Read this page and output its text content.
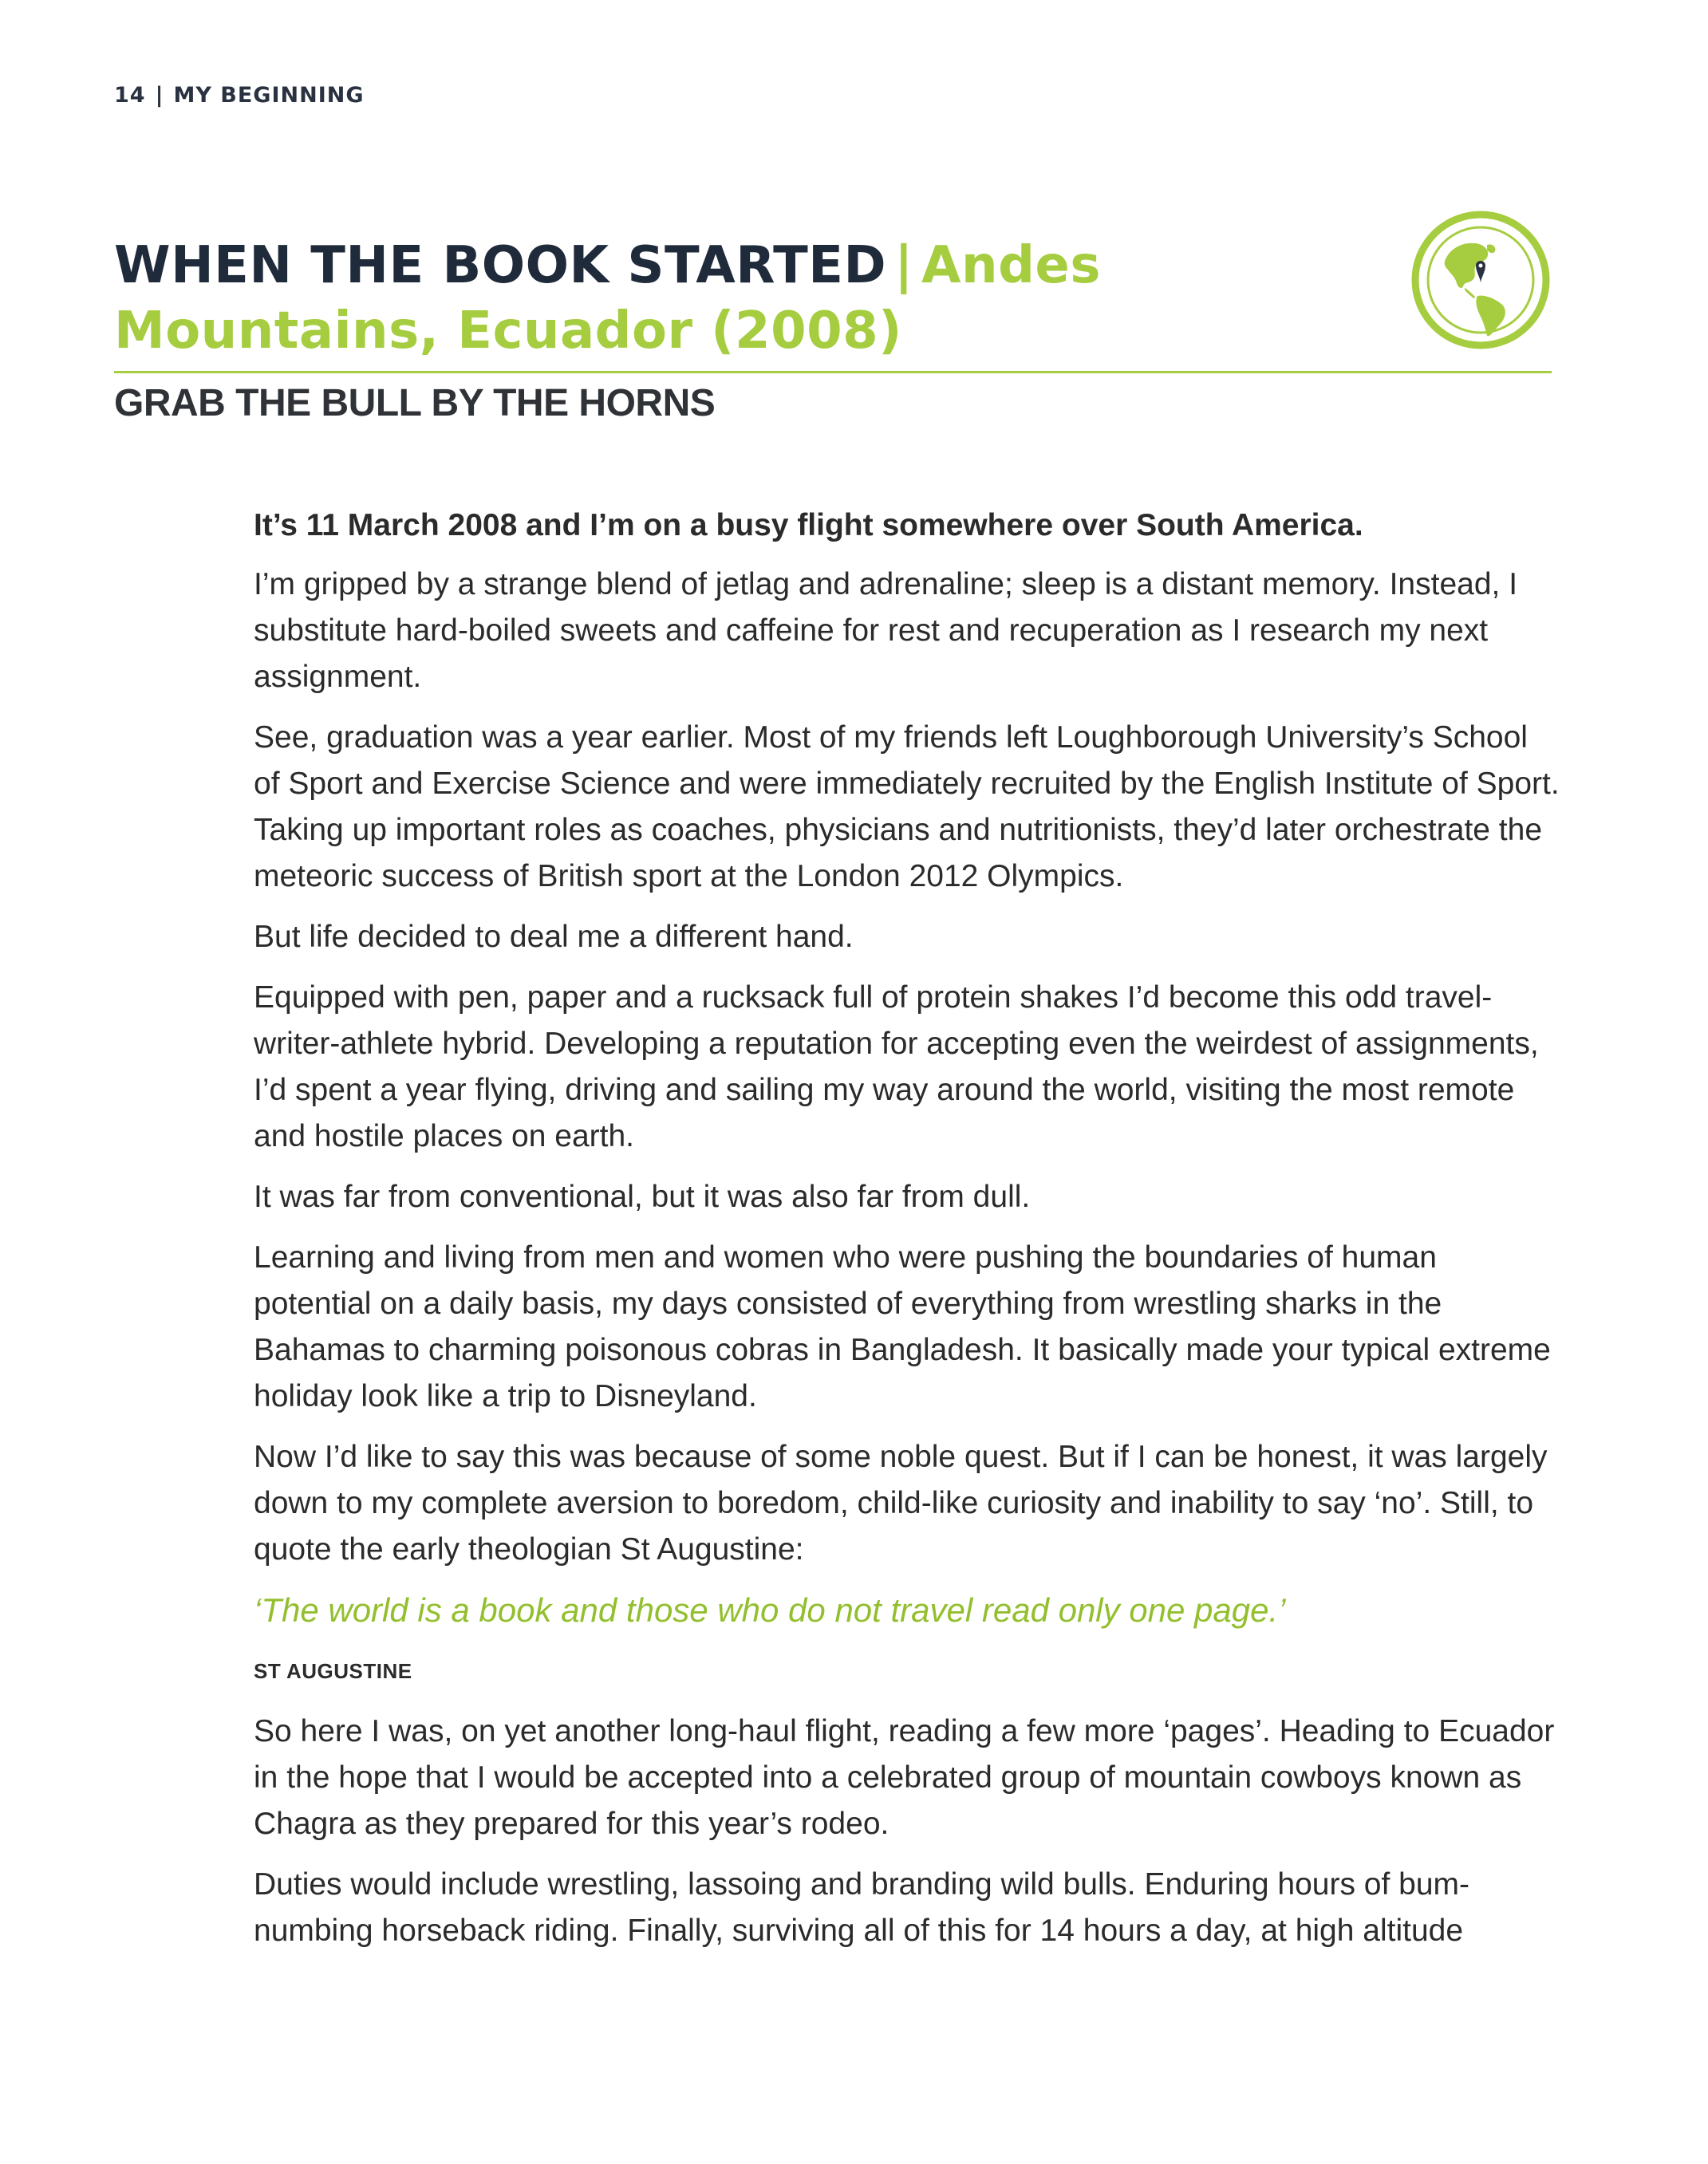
14 | MY BEGINNING
WHEN THE BOOK STARTED | Andes Mountains, Ecuador (2008)
GRAB THE BULL BY THE HORNS

It’s 11 March 2008 and I’m on a busy flight somewhere over South America.

I’m gripped by a strange blend of jetlag and adrenaline; sleep is a distant memory. Instead, I substitute hard-boiled sweets and caffeine for rest and recuperation as I research my next assignment.

See, graduation was a year earlier. Most of my friends left Loughborough University’s School of Sport and Exercise Science and were immediately recruited by the English Institute of Sport. Taking up important roles as coaches, physicians and nutritionists, they’d later orchestrate the meteoric success of British sport at the London 2012 Olympics.

But life decided to deal me a different hand.

Equipped with pen, paper and a rucksack full of protein shakes I’d become this odd travel-writer-athlete hybrid. Developing a reputation for accepting even the weirdest of assignments, I’d spent a year flying, driving and sailing my way around the world, visiting the most remote and hostile places on earth.

It was far from conventional, but it was also far from dull.

Learning and living from men and women who were pushing the boundaries of human potential on a daily basis, my days consisted of everything from wrestling sharks in the Bahamas to charming poisonous cobras in Bangladesh. It basically made your typical extreme holiday look like a trip to Disneyland.

Now I’d like to say this was because of some noble quest. But if I can be honest, it was largely down to my complete aversion to boredom, child-like curiosity and inability to say ‘no’. Still, to quote the early theologian St Augustine:

‘The world is a book and those who do not travel read only one page.’

ST AUGUSTINE

So here I was, on yet another long-haul flight, reading a few more ‘pages’. Heading to Ecuador in the hope that I would be accepted into a celebrated group of mountain cowboys known as Chagra as they prepared for this year’s rodeo.

Duties would include wrestling, lassoing and branding wild bulls. Enduring hours of bum-numbing horseback riding. Finally, surviving all of this for 14 hours a day, at high altitude
